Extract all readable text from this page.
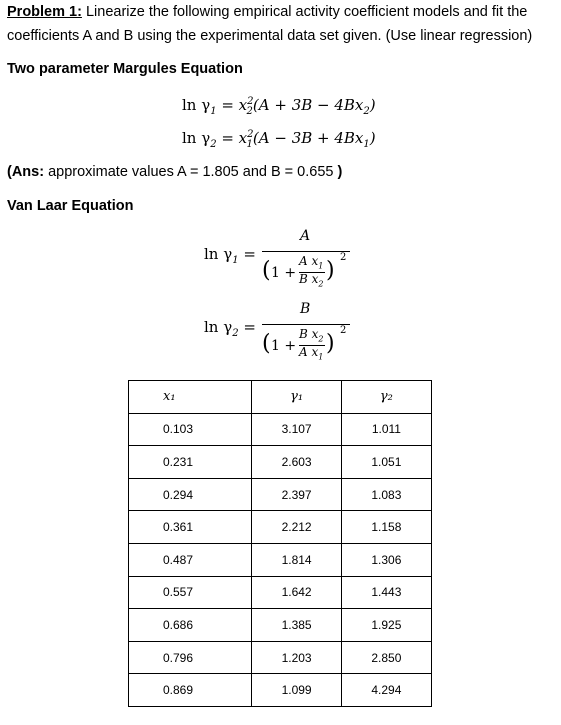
Problem 1: Linearize the following empirical activity coefficient models and fit the
coefficients A and B using the experimental data set given. (Use linear regression)
Two parameter Margules Equation
$\ln \gamma_1 = x^2_2(A + 3B - 4Bx_2)$
$\ln \gamma_2 = x^2_1(A - 3B + 4Bx_1)$
(Ans: approximate values A = 1.805 and B = 0.655 )
Van Laar Equation
$\ln \gamma_1$ =
A
( 1 +
A $x_1$
B $x_2$
)
2
$\ln \gamma_2$ =
B
( 1 +
B $x_2$
A $x_1$
)
2
x₁	γ₁	γ₂
0.103	3.107	1.011
0.231	2.603	1.051
0.294	2.397	1.083
0.361	2.212	1.158
0.487	1.814	1.306
0.557	1.642	1.443
0.686	1.385	1.925
0.796	1.203	2.850
0.869	1.099	4.294
